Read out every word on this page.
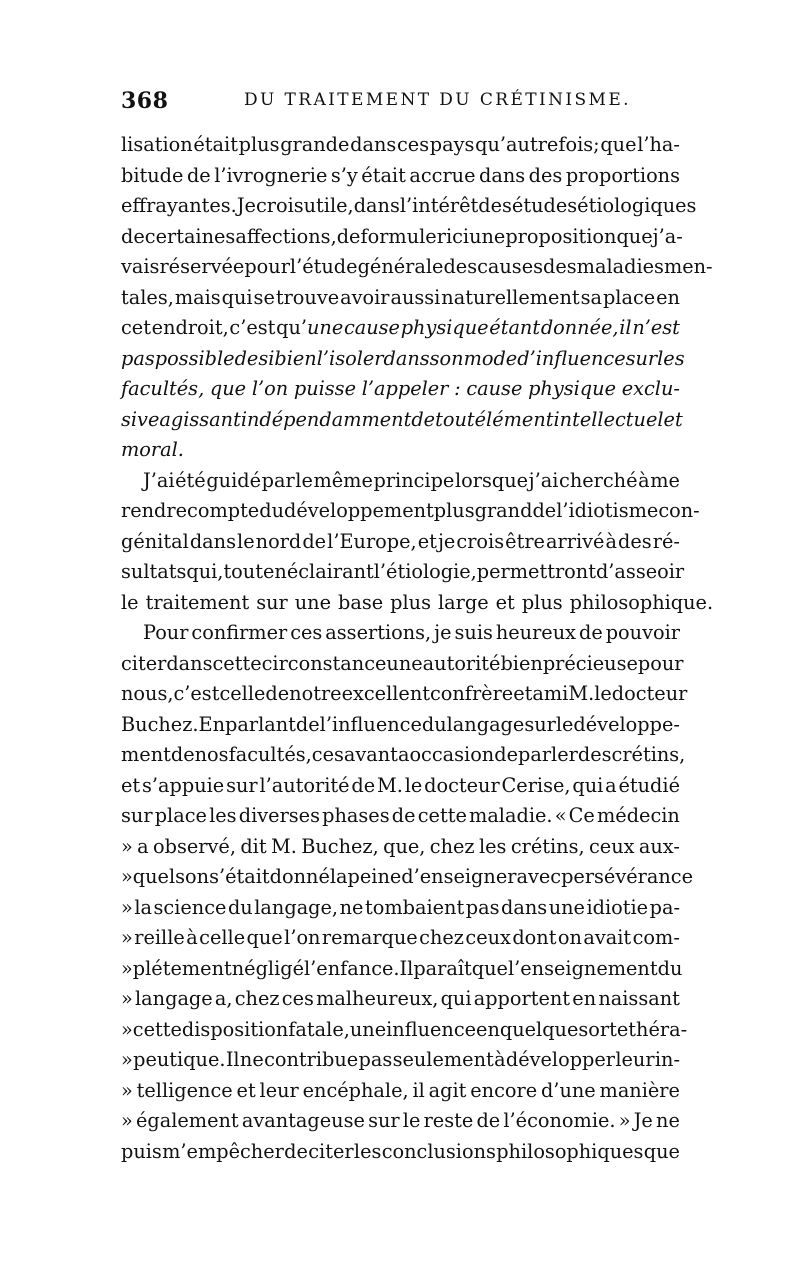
368	DU TRAITEMENT DU CRÉTINISME.
lisation était plus grande dans ces pays qu’autrefois; que l’ha-
bitude de l’ivrognerie s’y était accrue dans des proportions
effrayantes. Je crois utile, dans l’intérêt des études étiologiques
de certaines affections, de formuler ici une proposition que j’a-
vais réservée pour l’étude générale des causes des maladies men-
tales, mais qui se trouve avoir aussi naturellement sa place en
cet endroit, c’est qu’une cause physique étant donnée, il n’est
pas possible de si bien l’isoler dans son mode d’influence sur les
facultés, que l’on puisse l’appeler : cause physique exclu-
sive agissant indépendamment de tout élément intellectuel et
moral.
J’ai été guidé par le même principe lorsque j’ai cherché à me
rendre compte du développement plus grand de l’idiotisme con-
génital dans le nord de l’Europe, et je crois être arrivé à des ré-
sultats qui, tout en éclairant l’étiologie, permettront d’asseoir
le traitement sur une base plus large et plus philosophique.
Pour confirmer ces assertions, je suis heureux de pouvoir
citer dans cette circonstance une autorité bien précieuse pour
nous, c’est celle de notre excellent confrère et ami M. le docteur
Buchez. En parlant de l’influence du langage sur le développe-
ment de nos facultés, ce savant a occasion de parler des crétins,
et s’appuie sur l’autorité de M. le docteur Cerise, qui a étudié
sur place les diverses phases de cette maladie. « Ce médecin
» a observé, dit M. Buchez, que, chez les crétins, ceux aux-
» quels on s’était donné la peine d’enseigner avec persévérance
» la science du langage, ne tombaient pas dans une idiotie pa-
» reille à celle que l’on remarque chez ceux dont on avait com-
» plétement négligé l’enfance. Il paraît que l’enseignement du
» langage a, chez ces malheureux, qui apportent en naissant
» cette disposition fatale, une influence en quelque sorte théra-
» peutique. Il ne contribue pas seulement à développer leur in-
» telligence et leur encéphale, il agit encore d’une manière
» également avantageuse sur le reste de l’économie. » Je ne
puis m’empêcher de citer les conclusions philosophiques que
